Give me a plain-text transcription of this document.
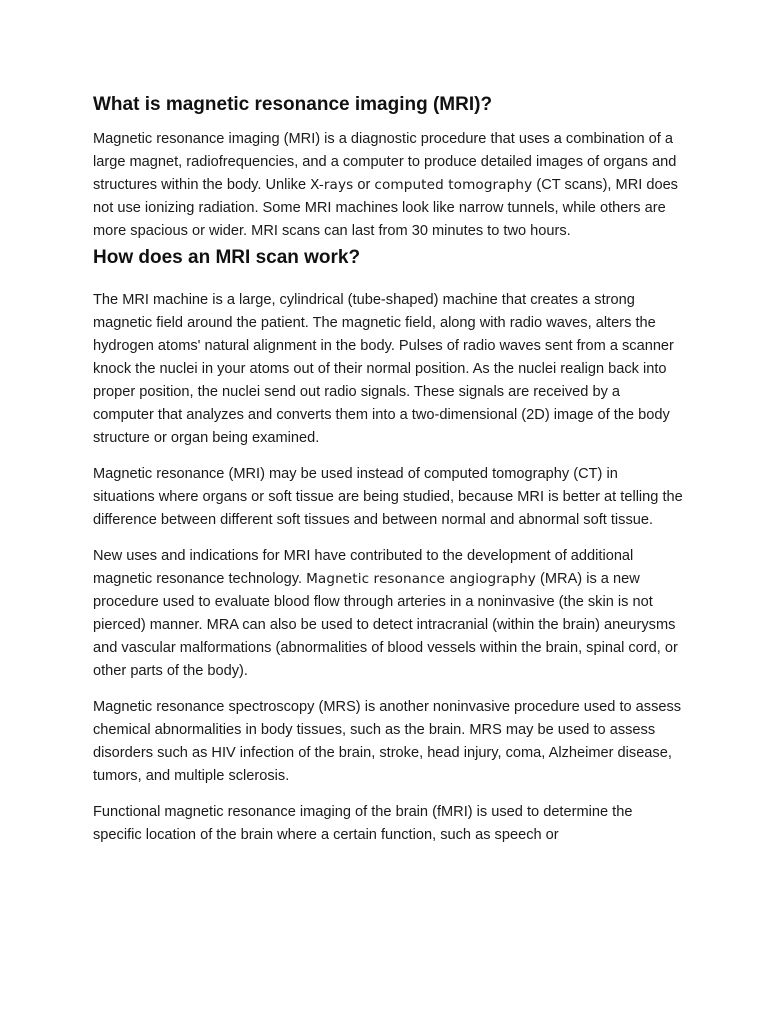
What is magnetic resonance imaging (MRI)?

Magnetic resonance imaging (MRI) is a diagnostic procedure that uses a combination of a large magnet, radiofrequencies, and a computer to produce detailed images of organs and structures within the body. Unlike X-rays or computed tomography (CT scans), MRI does not use ionizing radiation. Some MRI machines look like narrow tunnels, while others are more spacious or wider. MRI scans can last from 30 minutes to two hours.

How does an MRI scan work?

The MRI machine is a large, cylindrical (tube-shaped) machine that creates a strong magnetic field around the patient. The magnetic field, along with radio waves, alters the hydrogen atoms' natural alignment in the body. Pulses of radio waves sent from a scanner knock the nuclei in your atoms out of their normal position. As the nuclei realign back into proper position, the nuclei send out radio signals. These signals are received by a computer that analyzes and converts them into a two-dimensional (2D) image of the body structure or organ being examined.

Magnetic resonance (MRI) may be used instead of computed tomography (CT) in situations where organs or soft tissue are being studied, because MRI is better at telling the difference between different soft tissues and between normal and abnormal soft tissue.

New uses and indications for MRI have contributed to the development of additional magnetic resonance technology. Magnetic resonance angiography (MRA) is a new procedure used to evaluate blood flow through arteries in a noninvasive (the skin is not pierced) manner. MRA can also be used to detect intracranial (within the brain) aneurysms and vascular malformations (abnormalities of blood vessels within the brain, spinal cord, or other parts of the body).

Magnetic resonance spectroscopy (MRS) is another noninvasive procedure used to assess chemical abnormalities in body tissues, such as the brain. MRS may be used to assess disorders such as HIV infection of the brain, stroke, head injury, coma, Alzheimer disease, tumors, and multiple sclerosis.

Functional magnetic resonance imaging of the brain (fMRI) is used to determine the specific location of the brain where a certain function, such as speech or
